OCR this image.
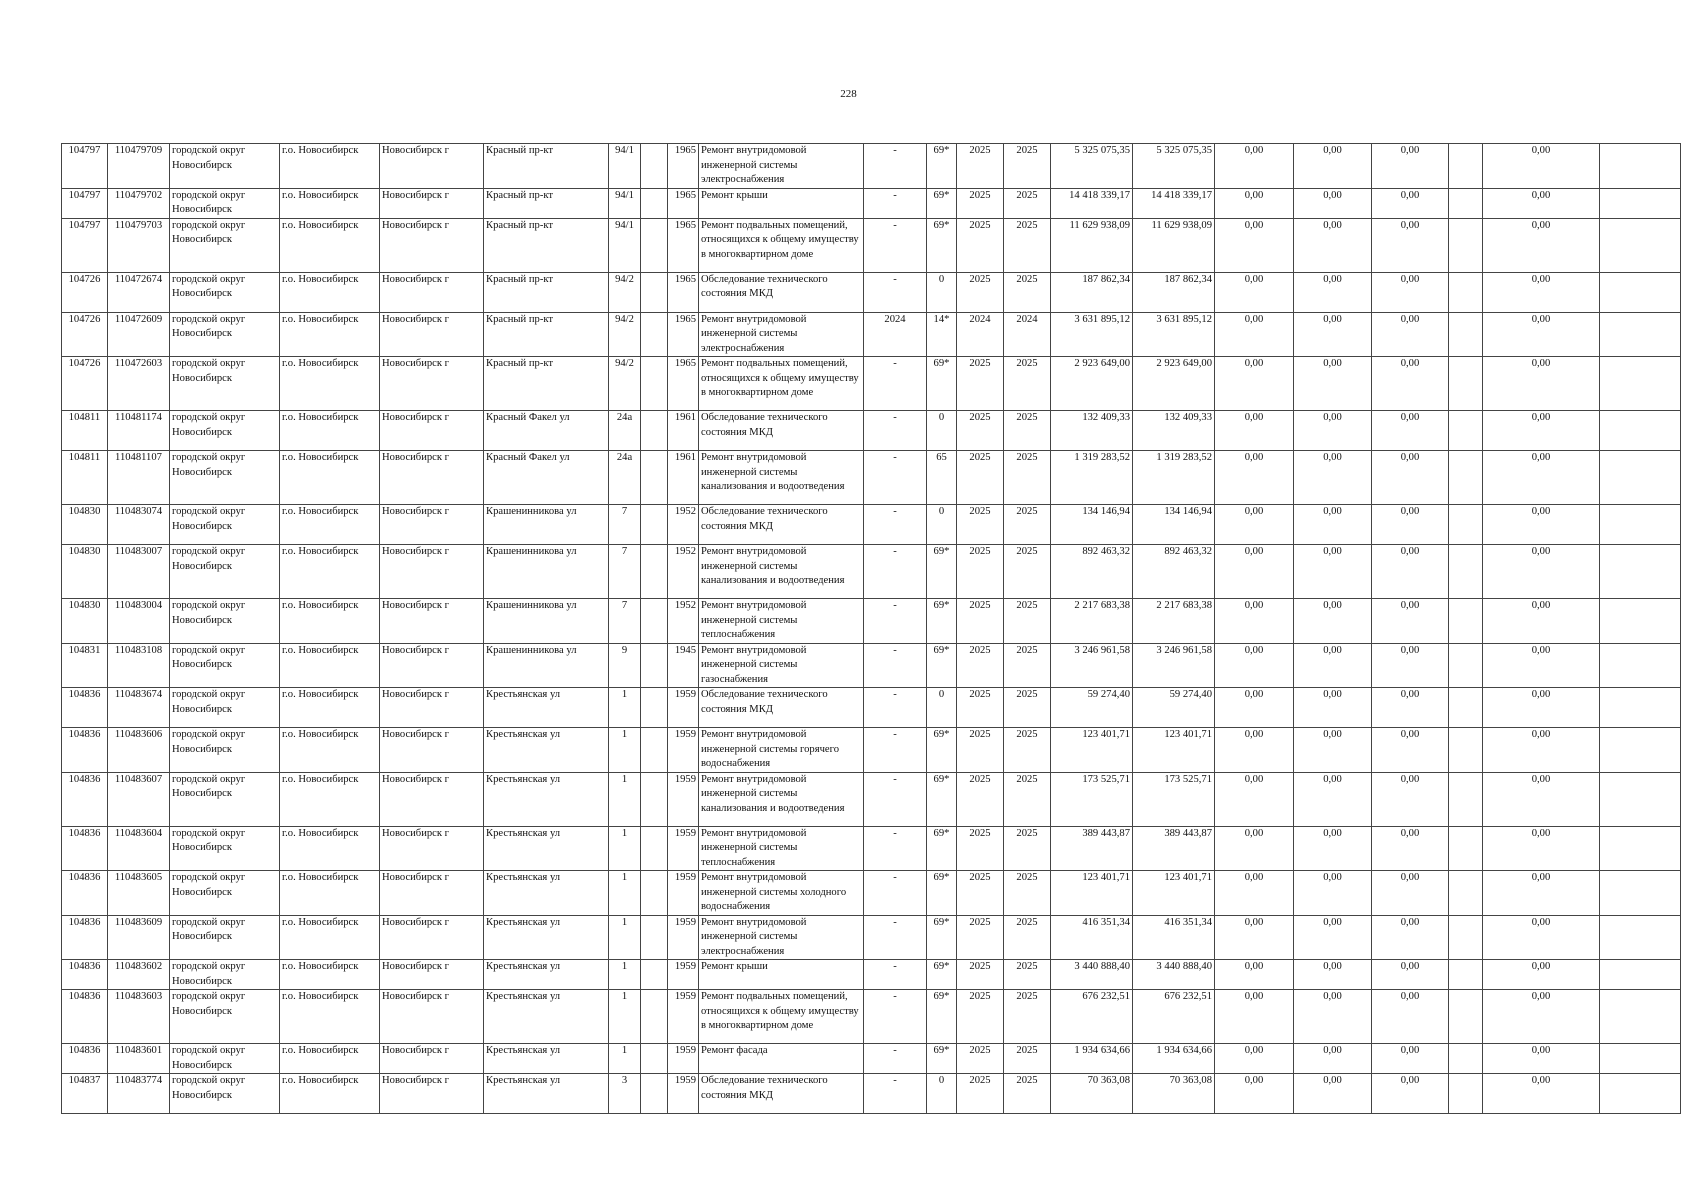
228
104797	110479709	городской округ Новосибирск	г.о. Новосибирск	Новосибирск г	Красный пр-кт	94/1		1965	Ремонт внутридомовой инженерной системы электроснабжения	-	69*	2025	2025	5 325 075,35	5 325 075,35	0,00	0,00	0,00		0,00	
104797	110479702	городской округ Новосибирск	г.о. Новосибирск	Новосибирск г	Красный пр-кт	94/1		1965	Ремонт крыши	-	69*	2025	2025	14 418 339,17	14 418 339,17	0,00	0,00	0,00		0,00	
104797	110479703	городской округ Новосибирск	г.о. Новосибирск	Новосибирск г	Красный пр-кт	94/1		1965	Ремонт подвальных помещений, относящихся к общему имуществу в многоквартирном доме	-	69*	2025	2025	11 629 938,09	11 629 938,09	0,00	0,00	0,00		0,00	
104726	110472674	городской округ Новосибирск	г.о. Новосибирск	Новосибирск г	Красный пр-кт	94/2		1965	Обследование технического состояния МКД	-	0	2025	2025	187 862,34	187 862,34	0,00	0,00	0,00		0,00	
104726	110472609	городской округ Новосибирск	г.о. Новосибирск	Новосибирск г	Красный пр-кт	94/2		1965	Ремонт внутридомовой инженерной системы электроснабжения	2024	14*	2024	2024	3 631 895,12	3 631 895,12	0,00	0,00	0,00		0,00	
104726	110472603	городской округ Новосибирск	г.о. Новосибирск	Новосибирск г	Красный пр-кт	94/2		1965	Ремонт подвальных помещений, относящихся к общему имуществу в многоквартирном доме	-	69*	2025	2025	2 923 649,00	2 923 649,00	0,00	0,00	0,00		0,00	
104811	110481174	городской округ Новосибирск	г.о. Новосибирск	Новосибирск г	Красный Факел ул	24а		1961	Обследование технического состояния МКД	-	0	2025	2025	132 409,33	132 409,33	0,00	0,00	0,00		0,00	
104811	110481107	городской округ Новосибирск	г.о. Новосибирск	Новосибирск г	Красный Факел ул	24а		1961	Ремонт внутридомовой инженерной системы канализования и водоотведения	-	65	2025	2025	1 319 283,52	1 319 283,52	0,00	0,00	0,00		0,00	
104830	110483074	городской округ Новосибирск	г.о. Новосибирск	Новосибирск г	Крашенинникова ул	7		1952	Обследование технического состояния МКД	-	0	2025	2025	134 146,94	134 146,94	0,00	0,00	0,00		0,00	
104830	110483007	городской округ Новосибирск	г.о. Новосибирск	Новосибирск г	Крашенинникова ул	7		1952	Ремонт внутридомовой инженерной системы канализования и водоотведения	-	69*	2025	2025	892 463,32	892 463,32	0,00	0,00	0,00		0,00	
104830	110483004	городской округ Новосибирск	г.о. Новосибирск	Новосибирск г	Крашенинникова ул	7		1952	Ремонт внутридомовой инженерной системы теплоснабжения	-	69*	2025	2025	2 217 683,38	2 217 683,38	0,00	0,00	0,00		0,00	
104831	110483108	городской округ Новосибирск	г.о. Новосибирск	Новосибирск г	Крашенинникова ул	9		1945	Ремонт внутридомовой инженерной системы газоснабжения	-	69*	2025	2025	3 246 961,58	3 246 961,58	0,00	0,00	0,00		0,00	
104836	110483674	городской округ Новосибирск	г.о. Новосибирск	Новосибирск г	Крестьянская ул	1		1959	Обследование технического состояния МКД	-	0	2025	2025	59 274,40	59 274,40	0,00	0,00	0,00		0,00	
104836	110483606	городской округ Новосибирск	г.о. Новосибирск	Новосибирск г	Крестьянская ул	1		1959	Ремонт внутридомовой инженерной системы горячего водоснабжения	-	69*	2025	2025	123 401,71	123 401,71	0,00	0,00	0,00		0,00	
104836	110483607	городской округ Новосибирск	г.о. Новосибирск	Новосибирск г	Крестьянская ул	1		1959	Ремонт внутридомовой инженерной системы канализования и водоотведения	-	69*	2025	2025	173 525,71	173 525,71	0,00	0,00	0,00		0,00	
104836	110483604	городской округ Новосибирск	г.о. Новосибирск	Новосибирск г	Крестьянская ул	1		1959	Ремонт внутридомовой инженерной системы теплоснабжения	-	69*	2025	2025	389 443,87	389 443,87	0,00	0,00	0,00		0,00	
104836	110483605	городской округ Новосибирск	г.о. Новосибирск	Новосибирск г	Крестьянская ул	1		1959	Ремонт внутридомовой инженерной системы холодного водоснабжения	-	69*	2025	2025	123 401,71	123 401,71	0,00	0,00	0,00		0,00	
104836	110483609	городской округ Новосибирск	г.о. Новосибирск	Новосибирск г	Крестьянская ул	1		1959	Ремонт внутридомовой инженерной системы электроснабжения	-	69*	2025	2025	416 351,34	416 351,34	0,00	0,00	0,00		0,00	
104836	110483602	городской округ Новосибирск	г.о. Новосибирск	Новосибирск г	Крестьянская ул	1		1959	Ремонт крыши	-	69*	2025	2025	3 440 888,40	3 440 888,40	0,00	0,00	0,00		0,00	
104836	110483603	городской округ Новосибирск	г.о. Новосибирск	Новосибирск г	Крестьянская ул	1		1959	Ремонт подвальных помещений, относящихся к общему имуществу в многоквартирном доме	-	69*	2025	2025	676 232,51	676 232,51	0,00	0,00	0,00		0,00	
104836	110483601	городской округ Новосибирск	г.о. Новосибирск	Новосибирск г	Крестьянская ул	1		1959	Ремонт фасада	-	69*	2025	2025	1 934 634,66	1 934 634,66	0,00	0,00	0,00		0,00	
104837	110483774	городской округ Новосибирск	г.о. Новосибирск	Новосибирск г	Крестьянская ул	3		1959	Обследование технического состояния МКД	-	0	2025	2025	70 363,08	70 363,08	0,00	0,00	0,00		0,00	
